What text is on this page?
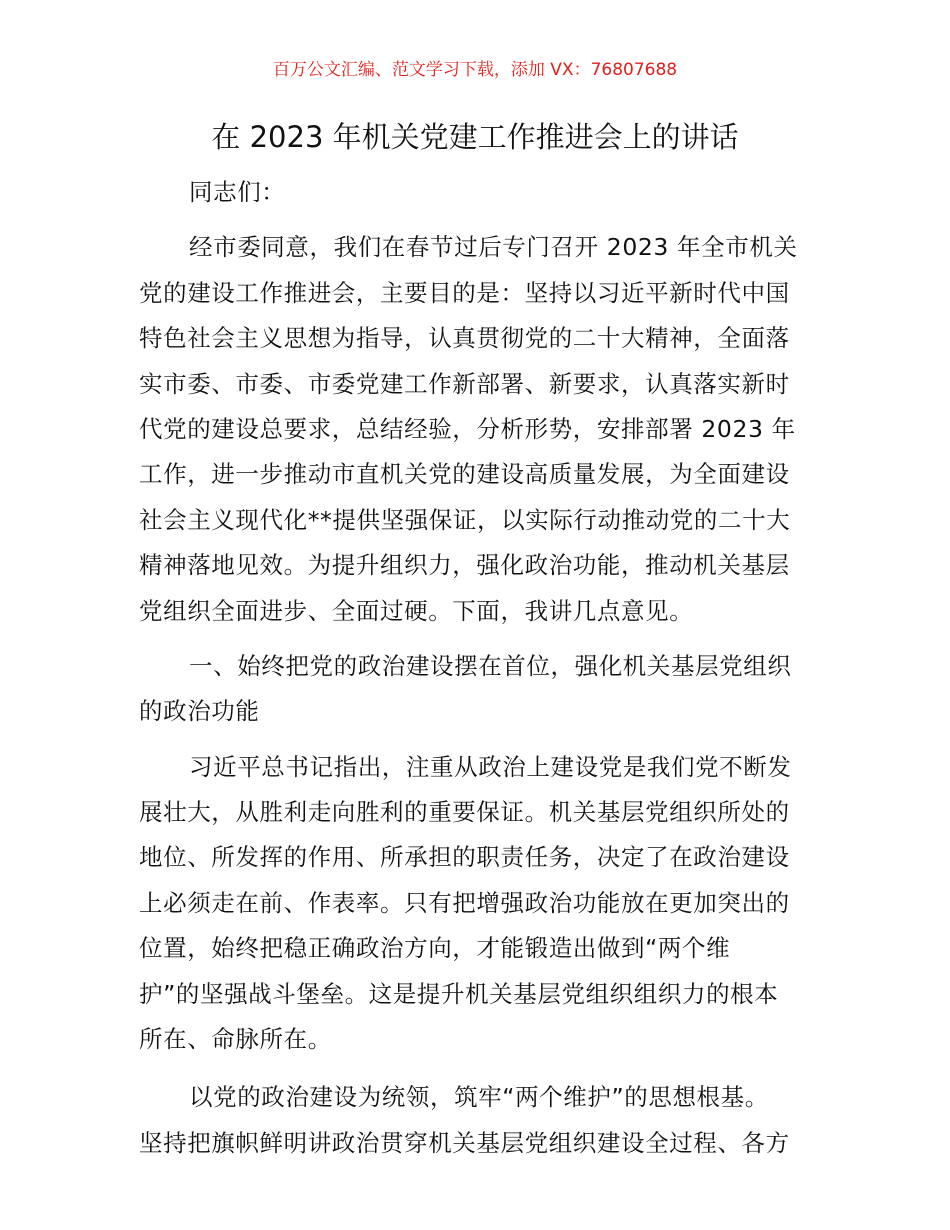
百万公文汇编、范文学习下载，添加 VX：76807688
在 2023 年机关党建工作推进会上的讲话
同志们：
经市委同意，我们在春节过后专门召开 2023 年全市机关
党的建设工作推进会，主要目的是：坚持以习近平新时代中国
特色社会主义思想为指导，认真贯彻党的二十大精神，全面落
实市委、市委、市委党建工作新部署、新要求，认真落实新时
代党的建设总要求，总结经验，分析形势，安排部署 2023 年
工作，进一步推动市直机关党的建设高质量发展，为全面建设
社会主义现代化**提供坚强保证，以实际行动推动党的二十大
精神落地见效。为提升组织力，强化政治功能，推动机关基层
党组织全面进步、全面过硬。下面，我讲几点意见。
一、始终把党的政治建设摆在首位，强化机关基层党组织
的政治功能
习近平总书记指出，注重从政治上建设党是我们党不断发
展壮大，从胜利走向胜利的重要保证。机关基层党组织所处的
地位、所发挥的作用、所承担的职责任务，决定了在政治建设
上必须走在前、作表率。只有把增强政治功能放在更加突出的
位置，始终把稳正确政治方向，才能锻造出做到“两个维
护”的坚强战斗堡垒。这是提升机关基层党组织组织力的根本
所在、命脉所在。
以党的政治建设为统领，筑牢“两个维护”的思想根基。
坚持把旗帜鲜明讲政治贯穿机关基层党组织建设全过程、各方
